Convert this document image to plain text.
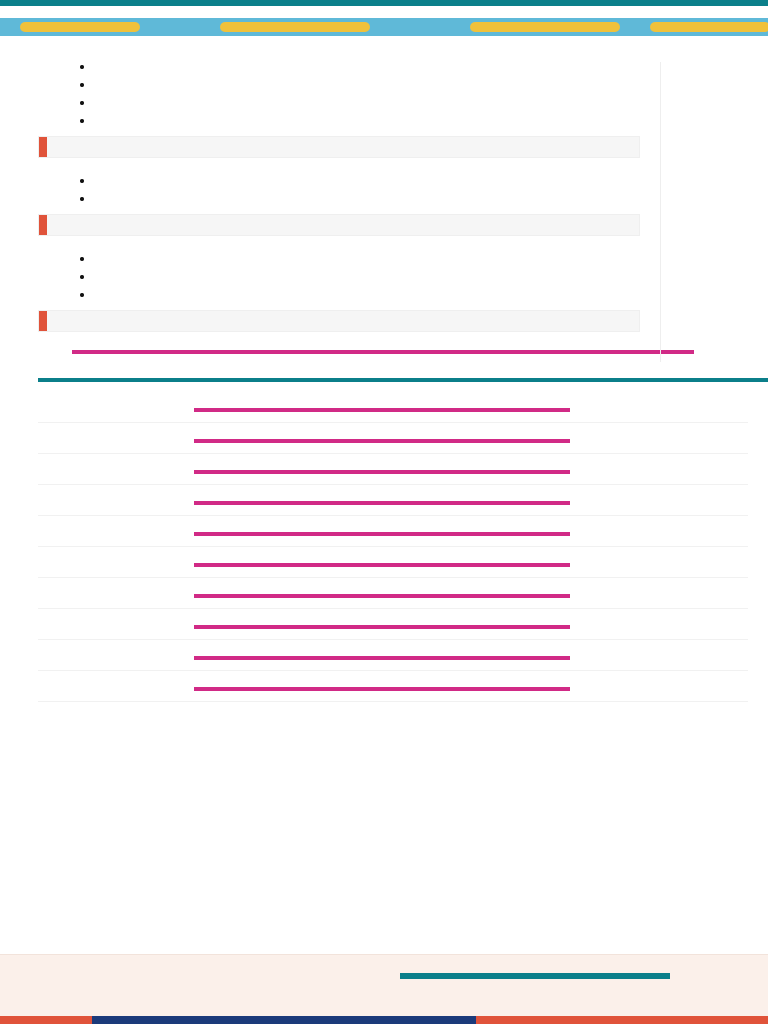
•
•
•
•

•
•

•
•
•
